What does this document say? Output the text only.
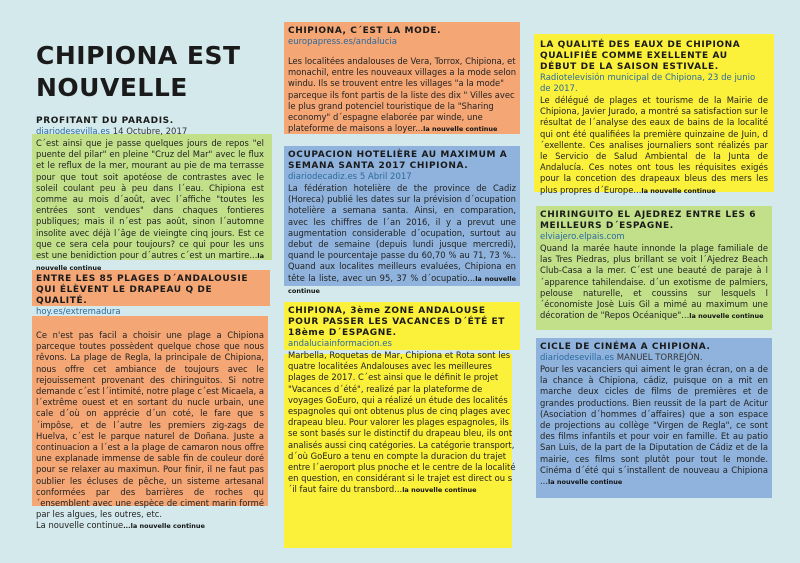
CHIPIONA EST NOUVELLE
PROFITANT DU PARADIS.
diariodesevilla.es 14 Octubre, 2017

C´est ainsi que je passe quelques jours de repos "el puente del pilar" en pleine "Cruz del Mar" avec le flux et le reflux de la mer, mourant au pie de ma terrasse pour que tout soit apotéose de contrastes avec le soleil coulant peu à peu dans l´eau. Chipiona est comme au mois d´août, avec l´affiche "toutes les entrées sont vendues" dans chaques fontieres publiques; mais il n´est pas août, sinon l´automne insolite avec déjà l´âge de vieingte cinq jours. Est ce que ce sera cela pour toujours? ce qui pour les uns est une benidiction pour d´autres c´est un martire...la nouvelle continue

ENTRE LES 85 PLAGES D´ANDALOUSIE QUI ÉLÈVENT LE DRAPEAU Q DE QUALITÉ.
hoy.es/extremadura

Ce n'est pas facil a choisir une plage a Chipiona parceque toutes possèdent quelque chose que nous rêvons. La plage de Regla, la principale de Chipiona, nous offre cet ambiance de toujours avec le rejouissement provenant des chiringuitos. Si notre demande c´est l´intimité, notre plage c´est Micaela, a l´extrême ouest et en sortant du nucle urbain, une cale d´où on apprécie d´un coté, le fare que s´impôse, et de l´autre les premiers zig-zags de Huelva, c´est le parque naturel de Doñana. Juste a continuacion a l´est a la plage de camaron nous offre une explanade immense de sable fin de couleur doré pour se relaxer au maximun. Pour finir, il ne faut pas oublier les écluses de pêche, un sisteme artesanal conformées par des barrières de roches qu´ensemblent avec une espèce de ciment marin formé par les algues, les outres, etc.

La nouvelle continue...la nouvelle continue

CHIPIONA, C´EST LA MODE.
europapress.es/andalucia

Les localitées andalouses de Vera, Torrox, Chipiona, et monachil, entre les nouveaux villages a la mode selon windu. Ils se trouvent entre les villages "a la mode" parceque ils font partis de la liste des dix " Villes avec le plus grand potenciel touristique de la "Sharing economy" d´espagne elaborée par winde, une plateforme de maisons a loyer...la nouvelle continue

OCUPACION HOTELIÈRE AU MAXIMUM A SEMANA SANTA 2017 CHIPIONA.
diariodecadiz.es 5 Abril 2017

La fédération hotelière de the province de Cadiz (Horeca) publié les dates sur la prévision d´ocupation hotelière a semana santa. Ainsi, en comparation, avec les chiffres de l´an 2016, il y a prevut une augmentation considerable d´ocupation, surtout au debut de semaine (depuis lundi jusque mercredi), quand le pourcentaje passe du 60,70 % au 71, 73 %.. Quand aux localites meilleurs evaluées, Chipiona en tête la liste, avec un 95, 37 % d´ocupatio...la nouvelle continue

CHIPIONA, 3ème ZONE ANDALOUSE POUR PASSER LES VACANCES D´ÉTÉ ET 18ème D´ESPAGNE.
andaluciainformacion.es

Marbella, Roquetas de Mar, Chipiona et Rota sont les quatre localitées Andalouses avec les meilleures plages de 2017. C´est ainsi que le définit le projet "Vacances d´été", realizé par la plateforme de voyages GoEuro, qui a réalizé un étude des localités espagnoles qui ont obtenus plus de cinq plages avec drapeau bleu. Pour valorer les plages espagnoles, ils se sont basés sur le distinctif du drapeau bleu, ils ont analisés aussi cinq catégories. La catégorie transport, d´où GoEuro a tenu en compte la duracion du trajet entre l´aeroport plus pnoche et le centre de la localité en question, en considérant si le trajet est direct ou s´il faut faire du transbord...la nouvelle continue

LA QUALITÉ DES EAUX DE CHIPIONA QUALIFIÉE COMME EXELLENTE AU DÉBUT DE LA SAISON ESTIVALE.
Radiotelevisión municipal de Chipiona, 23 de junio de 2017.

Le délégué de plages et tourisme de la Mairie de Chipiona, Javier Jurado, a montré sa satisfaction sur le résultat de l´analyse des eaux de bains de la localité qui ont été qualifiées la première quinzaine de Juin, d´exellente. Ces analises journaliers sont réalizés par le Servicio de Salud Ambiental de la Junta de Andalucía. Ces notes ont tous les réquisites exigés pour la concetion des drapeaux bleus des mers les plus propres d´Europe...la nouvelle continue

CHIRINGUITO EL AJEDREZ ENTRE LES 6 MEILLEURS D´ESPAGNE.
elviajero.elpais.com

Quand la marée haute innonde la plage familiale de las Tres Piedras, plus brillant se voit l´Ajedrez Beach Club-Casa a la mer. C´est une beauté de paraje à l´apparence tahilendaise. d´un exotisme de palmiers, pelouse naturelle, et coussins sur lesquels l´économiste Josè Luis Gil a mimé au maximum une décoration de "Repos Océanique"...la nouvelle continue

CICLE DE CINÉMA A CHIPIONA.
diariodesevilla.es MANUEL TORREJÓN.

Pour les vacanciers qui aiment le gran écran, on a de la chance à Chipiona, cádiz, puisque on a mit en marche deux cicles de films de premières et de grandes productions. Bien reussit de la part de Acitur (Asociation d´hommes d´affaires) que a son espace de projections au collège "Virgen de Regla", ce sont des films infantils et pour voir en famille. Et au patio San Luis, de la part de la Diputation de Cádiz et de la mairie, ces films sont plutôt pour tout le monde. Cinéma d´été qui s´installent de nouveau a Chipiona ...la nouvelle continue
